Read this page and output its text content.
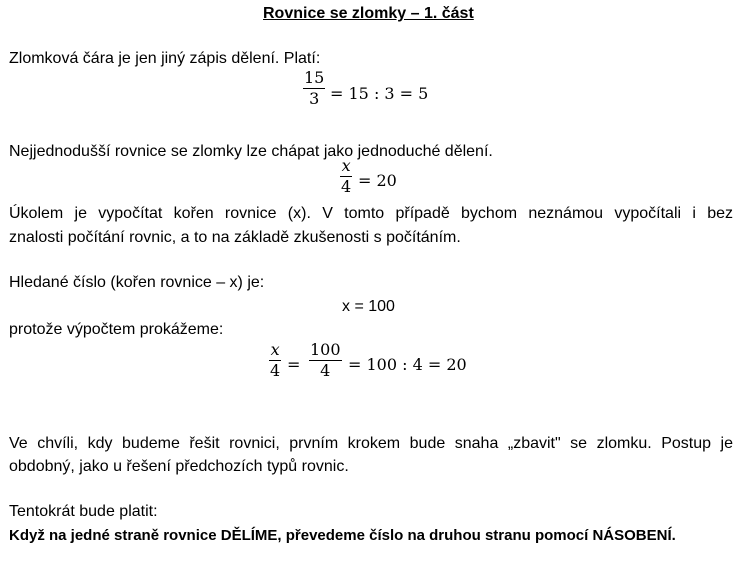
Rovnice se zlomky – 1. část
Zlomková čára je jen jiný zápis dělení. Platí:
15
3 = 15 : 3 = 5
Nejjednodušší rovnice se zlomky lze chápat jako jednoduché dělení.
x
4 = 20
Úkolem je vypočítat kořen rovnice (x). V tomto případě bychom neznámou vypočítali i bez
znalosti počítání rovnic, a to na základě zkušenosti s počítáním.
Hledané číslo (kořen rovnice – x) je:
x = 100
protože výpočtem prokážeme:
x
4 =
100
4 = 100 : 4 = 20
Ve chvíli, kdy budeme řešit rovnici, prvním krokem bude snaha „zbavit" se zlomku. Postup je
obdobný, jako u řešení předchozích typů rovnic.
Tentokrát bude platit:
Když na jedné straně rovnice DĚLÍME, převedeme číslo na druhou stranu pomocí NÁSOBENÍ.
